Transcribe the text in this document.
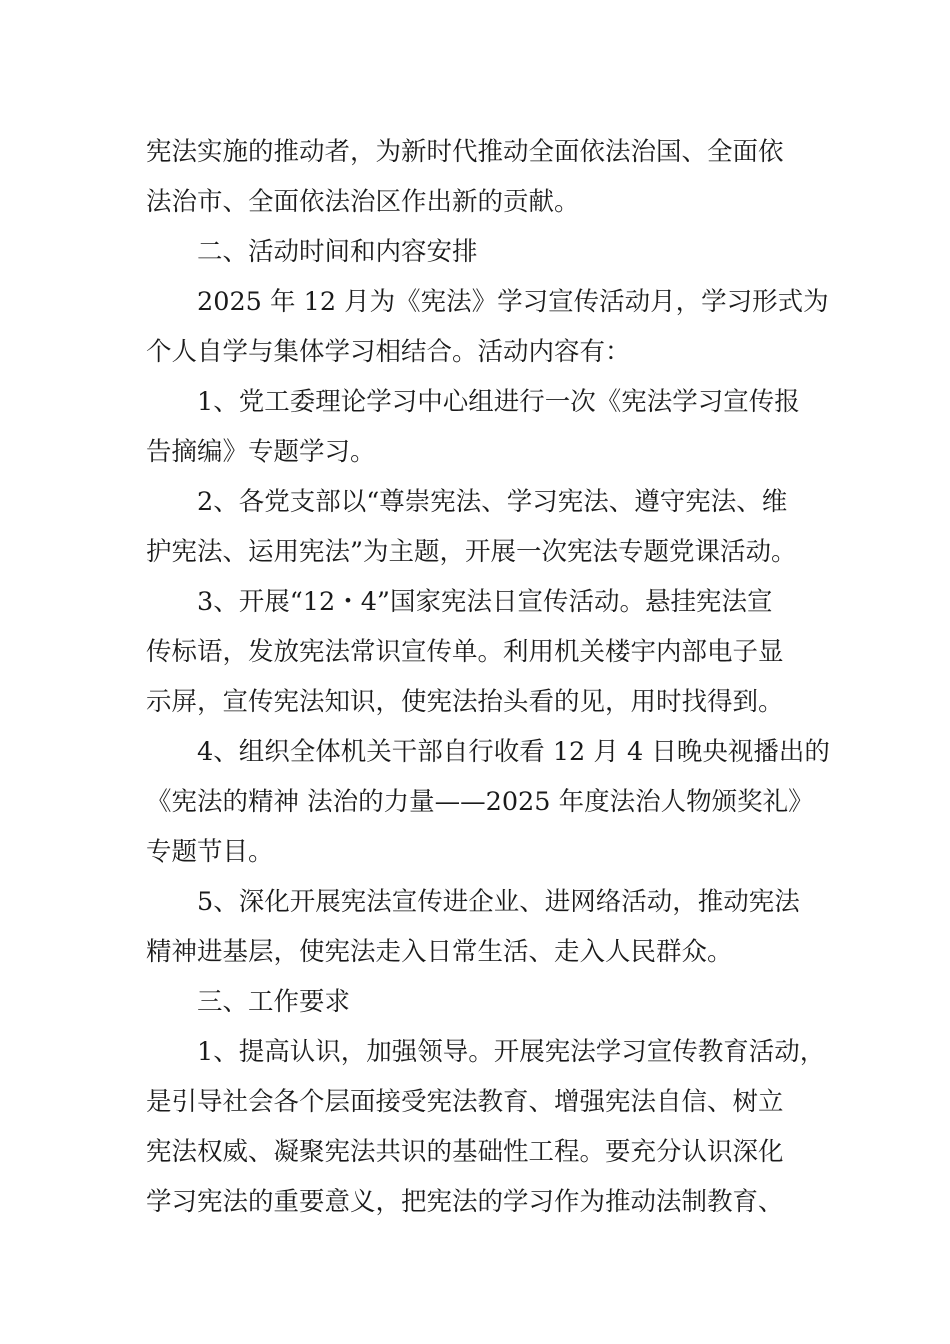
宪法实施的推动者，为新时代推动全面依法治国、全面依
法治市、全面依法治区作出新的贡献。
二、活动时间和内容安排
2025 年 12 月为《宪法》学习宣传活动月，学习形式为
个人自学与集体学习相结合。活动内容有：
1、党工委理论学习中心组进行一次《宪法学习宣传报
告摘编》专题学习。
2、各党支部以“尊崇宪法、学习宪法、遵守宪法、维
护宪法、运用宪法”为主题，开展一次宪法专题党课活动。
3、开展“12・4”国家宪法日宣传活动。悬挂宪法宣
传标语，发放宪法常识宣传单。利用机关楼宇内部电子显
示屏，宣传宪法知识，使宪法抬头看的见，用时找得到。
4、组织全体机关干部自行收看 12 月 4 日晚央视播出的
《宪法的精神 法治的力量——2025 年度法治人物颁奖礼》
专题节目。
5、深化开展宪法宣传进企业、进网络活动，推动宪法
精神进基层，使宪法走入日常生活、走入人民群众。
三、工作要求
1、提高认识，加强领导。开展宪法学习宣传教育活动，
是引导社会各个层面接受宪法教育、增强宪法自信、树立
宪法权威、凝聚宪法共识的基础性工程。要充分认识深化
学习宪法的重要意义，把宪法的学习作为推动法制教育、
